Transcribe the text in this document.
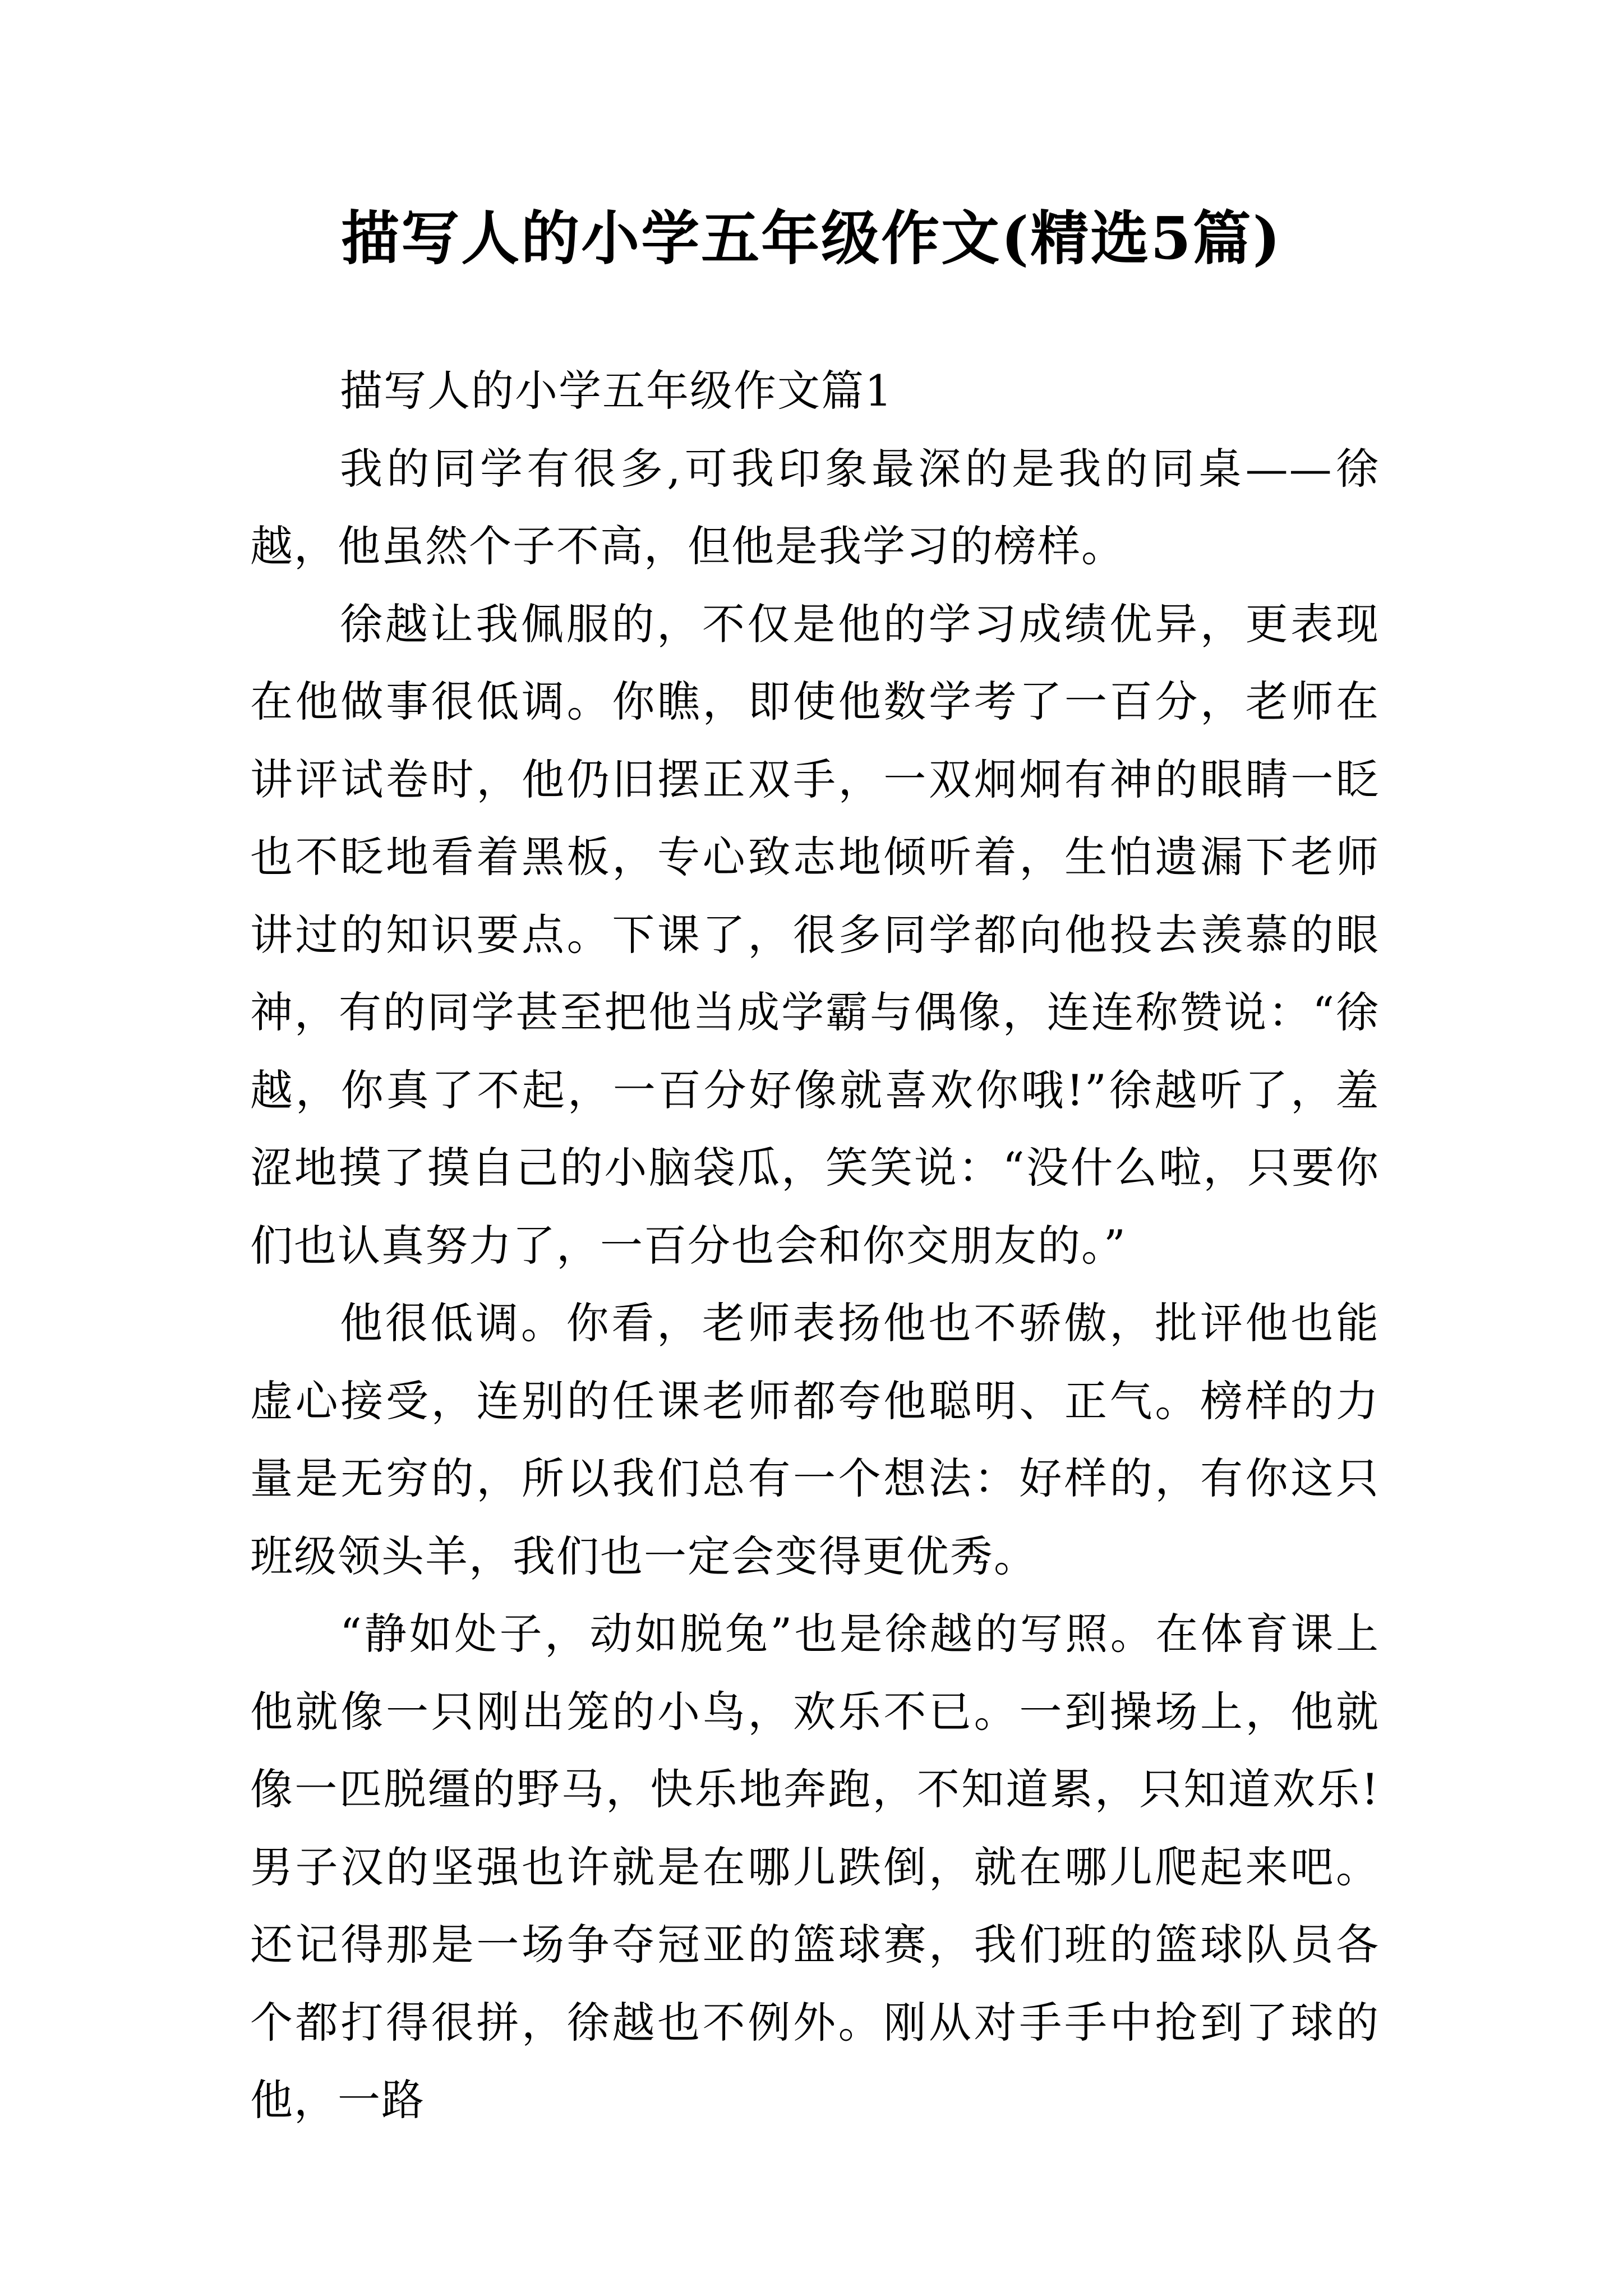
描写人的小学五年级作文(精选5篇)

描写人的小学五年级作文篇1

我的同学有很多,可我印象最深的是我的同桌——徐越，他虽然个子不高，但他是我学习的榜样。

徐越让我佩服的，不仅是他的学习成绩优异，更表现在他做事很低调。你瞧，即使他数学考了一百分，老师在讲评试卷时，他仍旧摆正双手，一双炯炯有神的眼睛一眨也不眨地看着黑板，专心致志地倾听着，生怕遗漏下老师讲过的知识要点。下课了，很多同学都向他投去羡慕的眼神，有的同学甚至把他当成学霸与偶像，连连称赞说：“徐越，你真了不起，一百分好像就喜欢你哦!”徐越听了，羞涩地摸了摸自己的小脑袋瓜，笑笑说：“没什么啦，只要你们也认真努力了，一百分也会和你交朋友的。”

他很低调。你看，老师表扬他也不骄傲，批评他也能虚心接受，连别的任课老师都夸他聪明、正气。榜样的力量是无穷的，所以我们总有一个想法：好样的，有你这只班级领头羊，我们也一定会变得更优秀。

“静如处子，动如脱兔”也是徐越的写照。在体育课上他就像一只刚出笼的小鸟，欢乐不已。一到操场上，他就像一匹脱缰的野马，快乐地奔跑，不知道累，只知道欢乐!男子汉的坚强也许就是在哪儿跌倒，就在哪儿爬起来吧。还记得那是一场争夺冠亚的篮球赛，我们班的篮球队员各个都打得很拼，徐越也不例外。刚从对手手中抢到了球的他，一路
